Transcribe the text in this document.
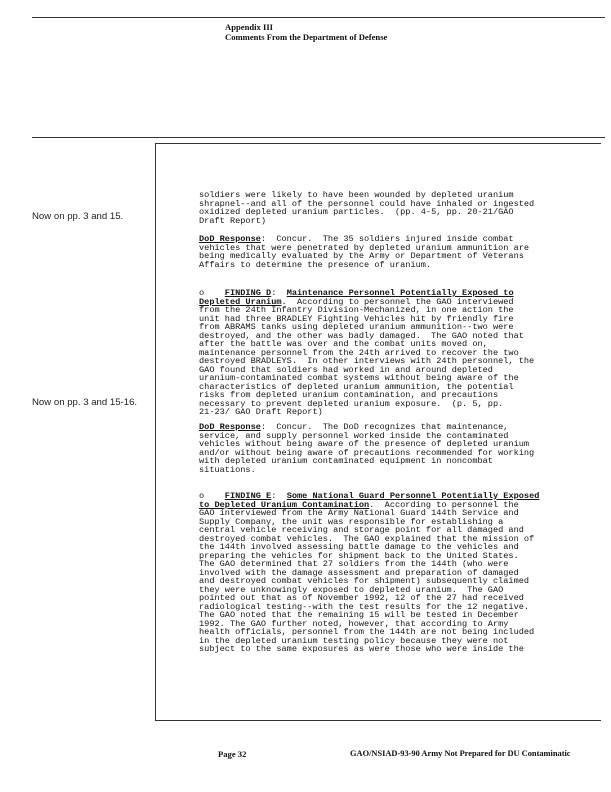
Appendix III
Comments From the Department of Defense
Now on pp. 3 and 15.
Now on pp. 3 and 15-16.
soldiers were likely to have been wounded by depleted uranium
shrapnel--and all of the personnel could have inhaled or ingested
oxidized depleted uranium particles.  (pp. 4-5, pp. 20-21/GAO
Draft Report)
DoD Response:  Concur.  The 35 soldiers injured inside combat
vehicles that were penetrated by depleted uranium ammunition are
being medically evaluated by the Army or Department of Veterans
Affairs to determine the presence of uranium.
o    FINDING D:  Maintenance Personnel Potentially Exposed to
Depleted Uranium.  According to personnel the GAO interviewed
from the 24th Infantry Division-Mechanized, in one action the
unit had three BRADLEY Fighting Vehicles hit by friendly fire
from ABRAMS tanks using depleted uranium ammunition--two were
destroyed, and the other was badly damaged.  The GAO noted that
after the battle was over and the combat units moved on,
maintenance personnel from the 24th arrived to recover the two
destroyed BRADLEYS.  In other interviews with 24th personnel, the
GAO found that soldiers had worked in and around depleted
uranium-contaminated combat systems without being aware of the
characteristics of depleted uranium ammunition, the potential
risks from depleted uranium contamination, and precautions
necessary to prevent depleted uranium exposure.  (p. 5, pp.
21-23/ GAO Draft Report)
DoD Response:  Concur.  The DoD recognizes that maintenance,
service, and supply personnel worked inside the contaminated
vehicles without being aware of the presence of depleted uranium
and/or without being aware of precautions recommended for working
with depleted uranium contaminated equipment in noncombat
situations.
o    FINDING E:  Some National Guard Personnel Potentially Exposed
to Depleted Uranium Contamination.  According to personnel the
GAO interviewed from the Army National Guard 144th Service and
Supply Company, the unit was responsible for establishing a
central vehicle receiving and storage point for all damaged and
destroyed combat vehicles.  The GAO explained that the mission of
the 144th involved assessing battle damage to the vehicles and
preparing the vehicles for shipment back to the United States.
The GAO determined that 27 soldiers from the 144th (who were
involved with the damage assessment and preparation of damaged
and destroyed combat vehicles for shipment) subsequently claimed
they were unknowingly exposed to depleted uranium.  The GAO
pointed out that as of November 1992, 12 of the 27 had received
radiological testing--with the test results for the 12 negative.
The GAO noted that the remaining 15 will be tested in December
1992. The GAO further noted, however, that according to Army
health officials, personnel from the 144th are not being included
in the depleted uranium testing policy because they were not
subject to the same exposures as were those who were inside the
Page 32	GAO/NSIAD-93-90 Army Not Prepared for DU Contaminatic
